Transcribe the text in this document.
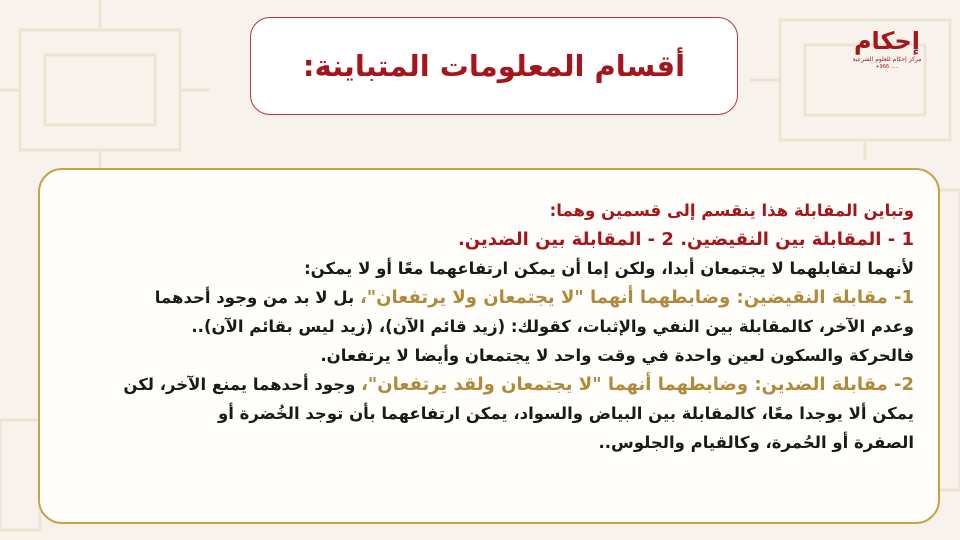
إحكام
مركز إحكام للعلوم الشرعية
+966 .....
أقسام المعلومات المتباينة:
وتباين المقابلة هذا ينقسم إلى قسمين وهما:
1 - المقابلة بين النقيضين. 2 - المقابلة بين الضدين.
لأنهما لتقابلهما لا يجتمعان أبدا، ولكن إما أن يمكن ارتفاعهما معًا أو لا يمكن:
1- مقابلة النقيضين: وضابطهما أنهما "لا يجتمعان ولا يرتفعان"، بل لا بد من وجود أحدهما
وعدم الآخر، كالمقابلة بين النفي والإثبات، كقولك: (زيد قائم الآن)، (زيد ليس بقائم الآن)..
فالحركة والسكون لعين واحدة في وقت واحد لا يجتمعان وأيضا لا يرتفعان.
2- مقابلة الضدين: وضابطهما أنهما "لا يجتمعان ولقد يرتفعان"، وجود أحدهما يمنع الآخر، لكن
يمكن ألا يوجدا معًا، كالمقابلة بين البياض والسواد، يمكن ارتفاعهما بأن توجد الخُضرة أو
الصفرة أو الحُمرة، وكالقيام والجلوس..
